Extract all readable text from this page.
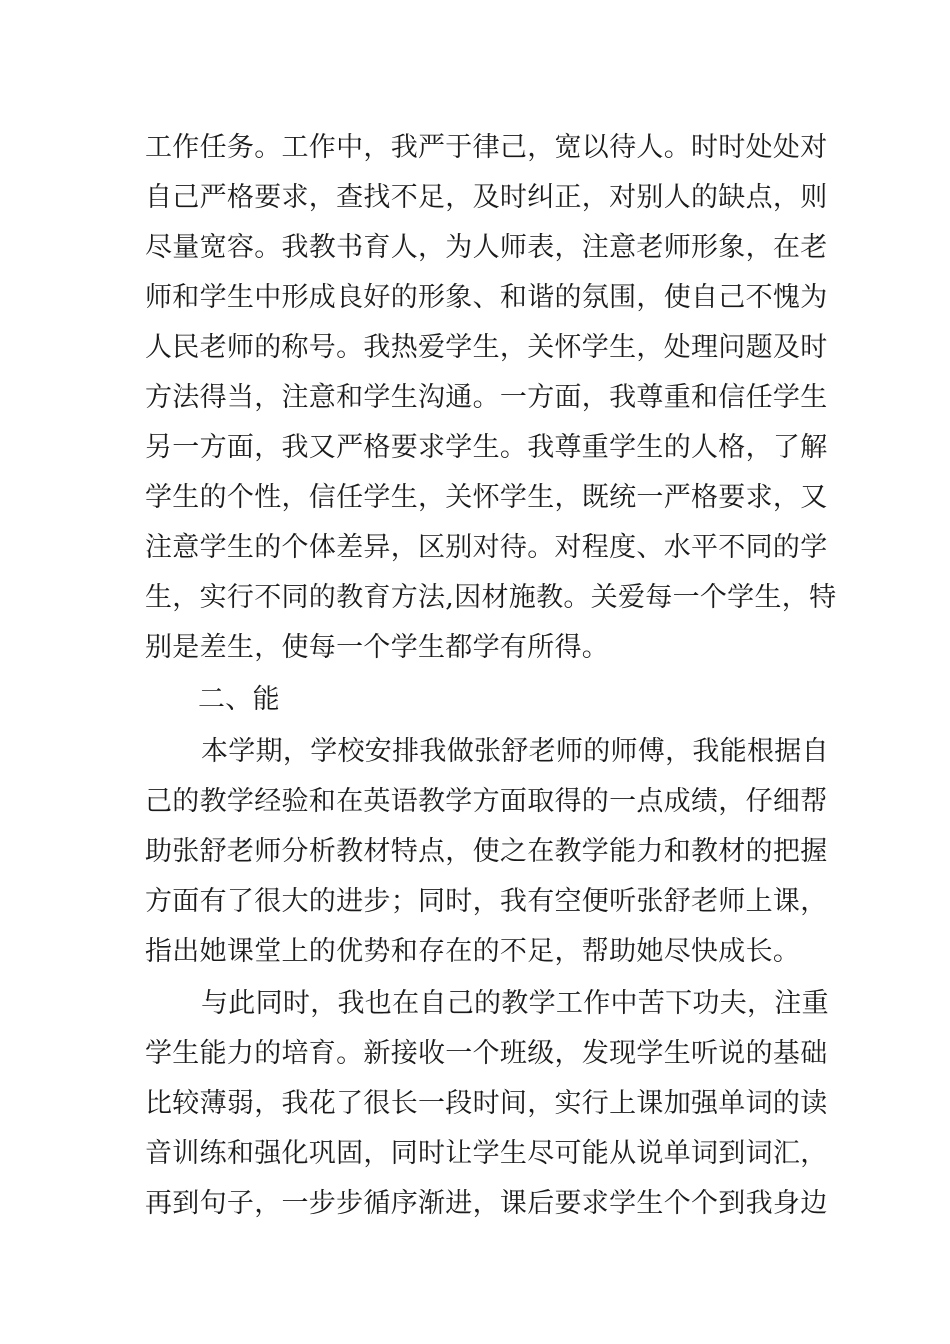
工作任务。工作中，我严于律己，宽以待人。时时处处对
自己严格要求，查找不足，及时纠正，对别人的缺点，则
尽量宽容。我教书育人，为人师表，注意老师形象，在老
师和学生中形成良好的形象、和谐的氛围，使自己不愧为
人民老师的称号。我热爱学生，关怀学生，处理问题及时
方法得当，注意和学生沟通。一方面，我尊重和信任学生
另一方面，我又严格要求学生。我尊重学生的人格，了解
学生的个性，信任学生，关怀学生，既统一严格要求，又
注意学生的个体差异，区别对待。对程度、水平不同的学
生，实行不同的教育方法,因材施教。关爱每一个学生，特
别是差生，使每一个学生都学有所得。
二、能
本学期，学校安排我做张舒老师的师傅，我能根据自
己的教学经验和在英语教学方面取得的一点成绩，仔细帮
助张舒老师分析教材特点，使之在教学能力和教材的把握
方面有了很大的进步；同时，我有空便听张舒老师上课，
指出她课堂上的优势和存在的不足，帮助她尽快成长。
与此同时，我也在自己的教学工作中苦下功夫，注重
学生能力的培育。新接收一个班级，发现学生听说的基础
比较薄弱，我花了很长一段时间，实行上课加强单词的读
音训练和强化巩固，同时让学生尽可能从说单词到词汇，
再到句子，一步步循序渐进，课后要求学生个个到我身边
